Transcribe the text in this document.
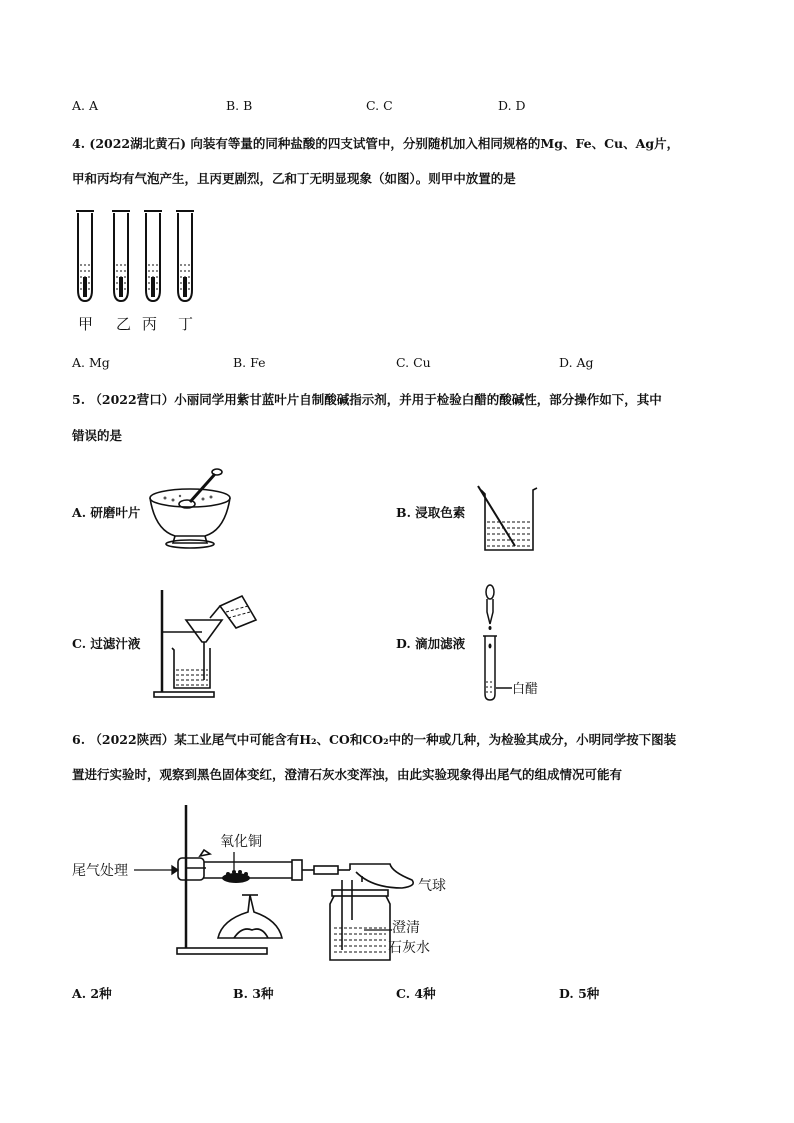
A. A	B. B	C. C	D. D
4. (2022湖北黄石) 向装有等量的同种盐酸的四支试管中，分别随机加入相同规格的Mg、Fe、Cu、Ag片，
甲和丙均有气泡产生，且丙更剧烈，乙和丁无明显现象（如图）。则甲中放置的是
甲 乙 丙 丁
A. Mg	B. Fe	C. Cu	D. Ag
5. （2022营口）小丽同学用紫甘蓝叶片自制酸碱指示剂，并用于检验白醋的酸碱性，部分操作如下，其中
错误的是
A. 研磨叶片	B. 浸取色素
C. 过滤汁液	D. 滴加滤液
白醋
6. （2022陕西）某工业尾气中可能含有H₂、CO和CO₂中的一种或几种，为检验其成分，小明同学按下图装
置进行实验时，观察到黑色固体变红，澄清石灰水变浑浊，由此实验现象得出尾气的组成情况可能有
尾气处理
氧化铜
气球
澄清
石灰水
A. 2种	B. 3种	C. 4种	D. 5种
